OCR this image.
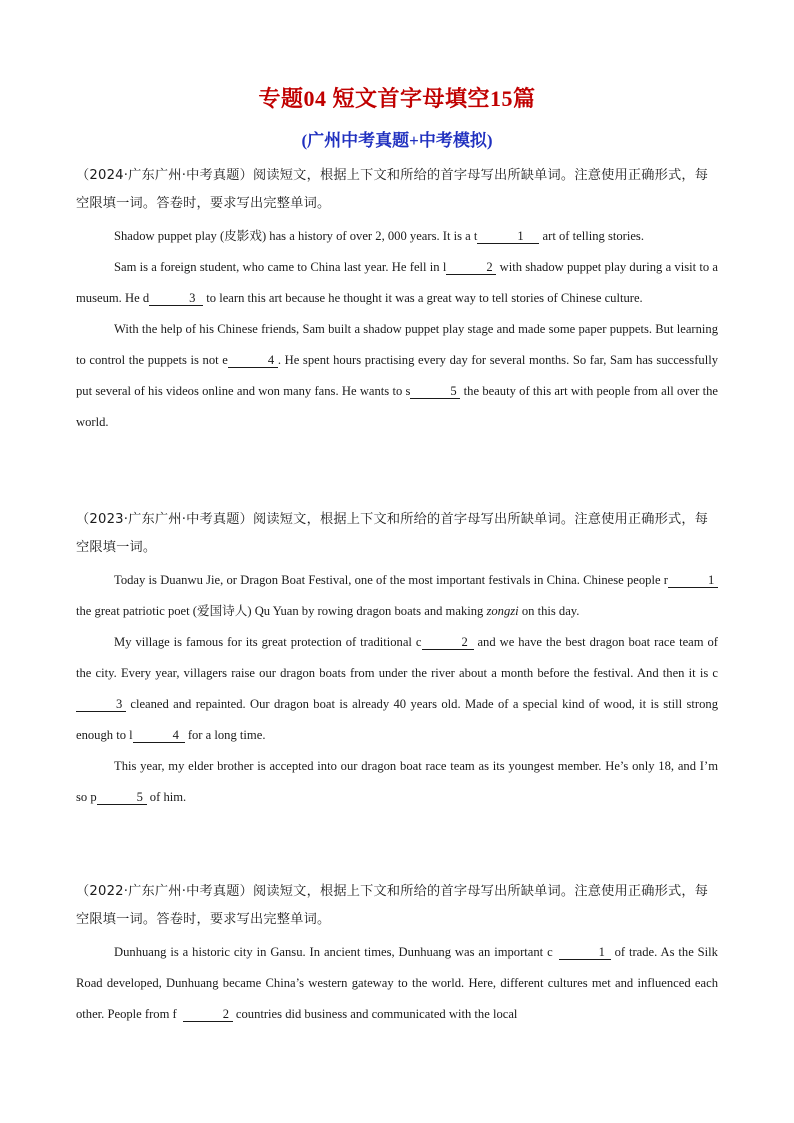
专题04 短文首字母填空15篇
(广州中考真题+中考模拟)

（2024·广东广州·中考真题）阅读短文，根据上下文和所给的首字母写出所缺单词。注意使用正确形式，每空限填一词。答卷时，要求写出完整单词。

Shadow puppet play (皮影戏) has a history of over 2, 000 years. It is a t	1 art of telling stories.

Sam is a foreign student, who came to China last year. He fell in l	2 with shadow puppet play during a visit to a museum. He d	3 to learn this art because he thought it was a great way to tell stories of Chinese culture.

With the help of his Chinese friends, Sam built a shadow puppet play stage and made some paper puppets. But learning to control the puppets is not e	4 . He spent hours practising every day for several months. So far, Sam has successfully put several of his videos online and won many fans. He wants to s	5 the beauty of this art with people from all over the world.

（2023·广东广州·中考真题）阅读短文，根据上下文和所给的首字母写出所缺单词。注意使用正确形式，每空限填一词。

Today is Duanwu Jie, or Dragon Boat Festival, one of the most important festivals in China. Chinese people r	1 the great patriotic poet (爱国诗人) Qu Yuan by rowing dragon boats and making zongzi on this day.

My village is famous for its great protection of traditional c	2 and we have the best dragon boat race team of the city. Every year, villagers raise our dragon boats from under the river about a month before the festival. And then it is c3 cleaned and repainted. Our dragon boat is already 40 years old. Made of a special kind of wood, it is still strong enough to l	4 for a long time.

This year, my elder brother is accepted into our dragon boat race team as its youngest member. He’s only 18, and I’m so p	5 of him.

（2022·广东广州·中考真题）阅读短文，根据上下文和所给的首字母写出所缺单词。注意使用正确形式，每空限填一词。答卷时，要求写出完整单词。

Dunhuang is a historic city in Gansu. In ancient times, Dunhuang was an important c	1 of trade. As the Silk Road developed, Dunhuang became China’s western gateway to the world. Here, different cultures met and influenced each other. People from f	2 countries did business and communicated with the local
